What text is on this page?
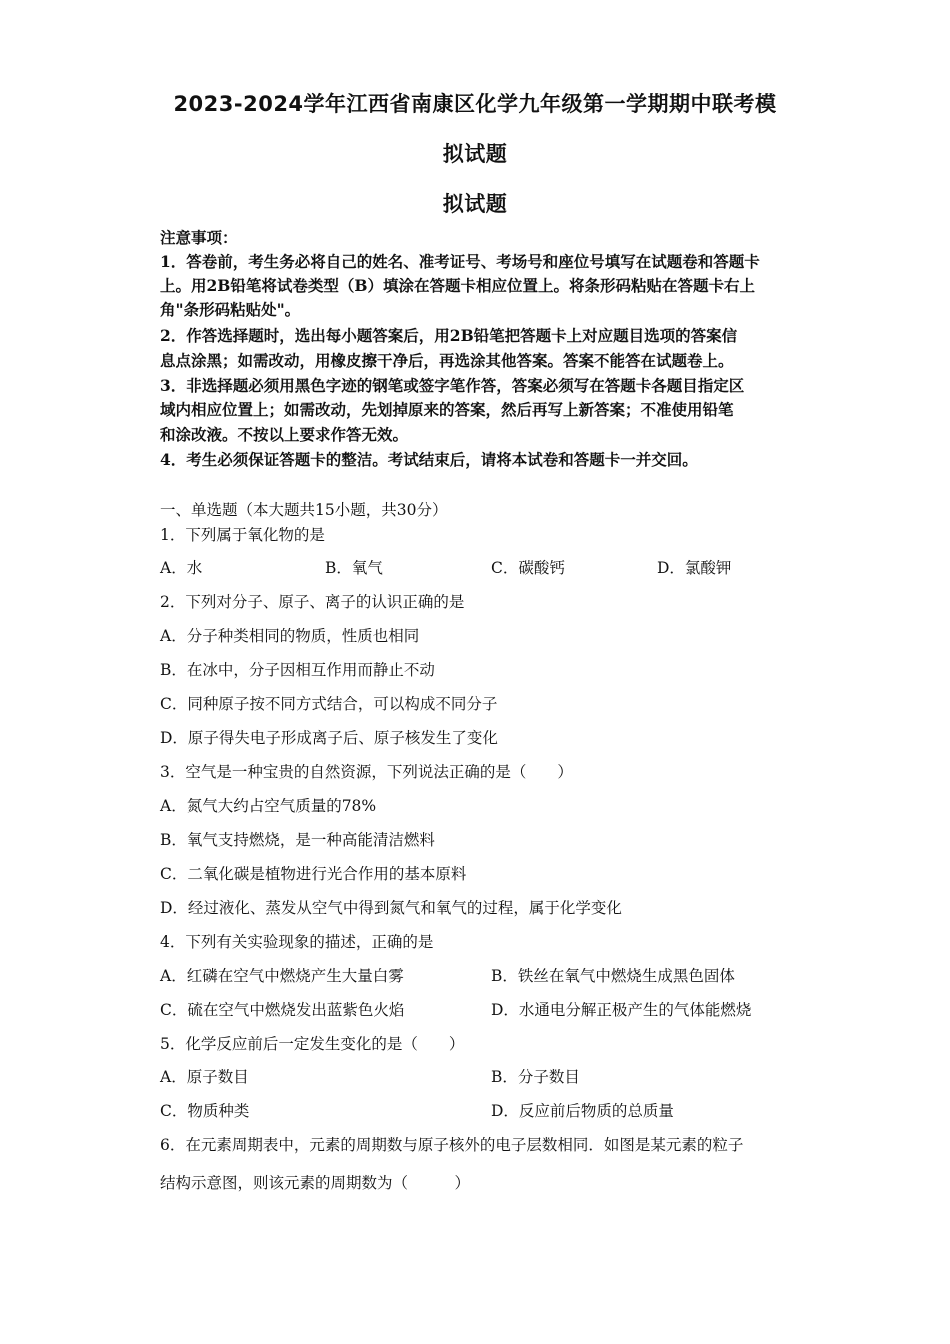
2023-2024学年江西省南康区化学九年级第一学期期中联考模
拟试题
拟试题
注意事项：
1．答卷前，考生务必将自己的姓名、准考证号、考场号和座位号填写在试题卷和答题卡
上。用2B铅笔将试卷类型（B）填涂在答题卡相应位置上。将条形码粘贴在答题卡右上
角"条形码粘贴处"。
2．作答选择题时，选出每小题答案后，用2B铅笔把答题卡上对应题目选项的答案信
息点涂黑；如需改动，用橡皮擦干净后，再选涂其他答案。答案不能答在试题卷上。
3．非选择题必须用黑色字迹的钢笔或签字笔作答，答案必须写在答题卡各题目指定区
域内相应位置上；如需改动，先划掉原来的答案，然后再写上新答案；不准使用铅笔
和涂改液。不按以上要求作答无效。
4．考生必须保证答题卡的整洁。考试结束后，请将本试卷和答题卡一并交回。
一、单选题（本大题共15小题，共30分）
1．下列属于氧化物的是
A．水	B．氧气	C．碳酸钙	D．氯酸钾
2．下列对分子、原子、离子的认识正确的是
A．分子种类相同的物质，性质也相同
B．在冰中，分子因相互作用而静止不动
C．同种原子按不同方式结合，可以构成不同分子
D．原子得失电子形成离子后、原子核发生了变化
3．空气是一种宝贵的自然资源，下列说法正确的是（　　）
A．氮气大约占空气质量的78%
B．氧气支持燃烧，是一种高能清洁燃料
C．二氧化碳是植物进行光合作用的基本原料
D．经过液化、蒸发从空气中得到氮气和氧气的过程，属于化学变化
4．下列有关实验现象的描述，正确的是
A．红磷在空气中燃烧产生大量白雾	B．铁丝在氧气中燃烧生成黑色固体
C．硫在空气中燃烧发出蓝紫色火焰	D．水通电分解正极产生的气体能燃烧
5．化学反应前后一定发生变化的是（　　）
A．原子数目	B．分子数目
C．物质种类	D．反应前后物质的总质量
6．在元素周期表中，元素的周期数与原子核外的电子层数相同．如图是某元素的粒子
结构示意图，则该元素的周期数为（　　　）
